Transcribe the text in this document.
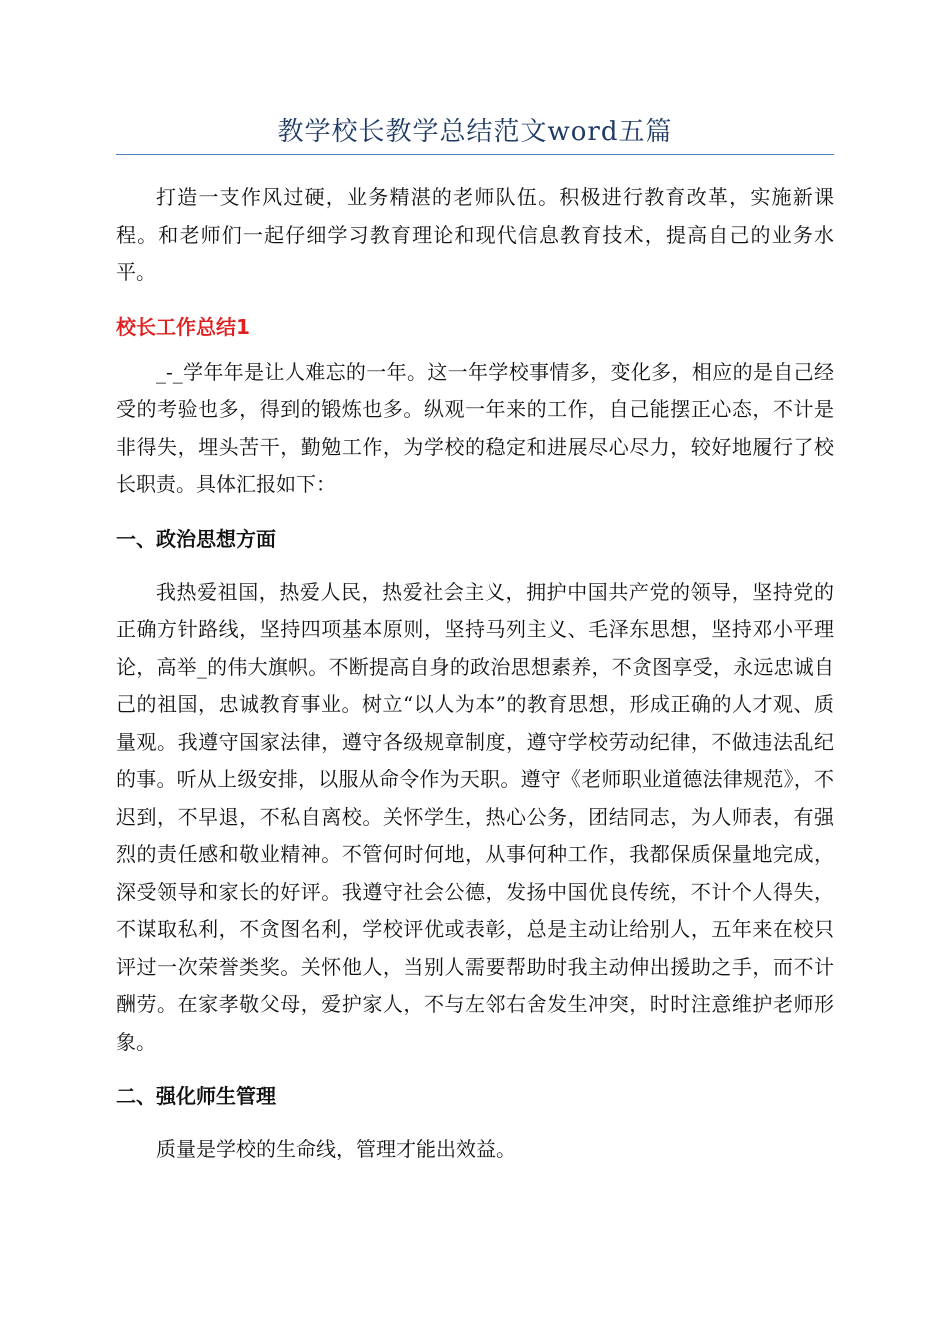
教学校长教学总结范文word五篇

打造一支作风过硬，业务精湛的老师队伍。积极进行教育改革，实施新课程。和老师们一起仔细学习教育理论和现代信息教育技术，提高自己的业务水平。

校长工作总结1

_-_学年年是让人难忘的一年。这一年学校事情多，变化多，相应的是自己经受的考验也多，得到的锻炼也多。纵观一年来的工作，自己能摆正心态，不计是非得失，埋头苦干，勤勉工作，为学校的稳定和进展尽心尽力，较好地履行了校长职责。具体汇报如下：

一、政治思想方面

我热爱祖国，热爱人民，热爱社会主义，拥护中国共产党的领导，坚持党的正确方针路线，坚持四项基本原则，坚持马列主义、毛泽东思想，坚持邓小平理论，高举_的伟大旗帜。不断提高自身的政治思想素养，不贪图享受，永远忠诚自己的祖国，忠诚教育事业。树立“以人为本”的教育思想，形成正确的人才观、质量观。我遵守国家法律，遵守各级规章制度，遵守学校劳动纪律，不做违法乱纪的事。听从上级安排，以服从命令作为天职。遵守《老师职业道德法律规范》，不迟到，不早退，不私自离校。关怀学生，热心公务，团结同志，为人师表，有强烈的责任感和敬业精神。不管何时何地，从事何种工作，我都保质保量地完成，深受领导和家长的好评。我遵守社会公德，发扬中国优良传统，不计个人得失，不谋取私利，不贪图名利，学校评优或表彰，总是主动让给别人，五年来在校只评过一次荣誉类奖。关怀他人，当别人需要帮助时我主动伸出援助之手，而不计酬劳。在家孝敬父母，爱护家人，不与左邻右舍发生冲突，时时注意维护老师形象。

二、强化师生管理

质量是学校的生命线，管理才能出效益。
